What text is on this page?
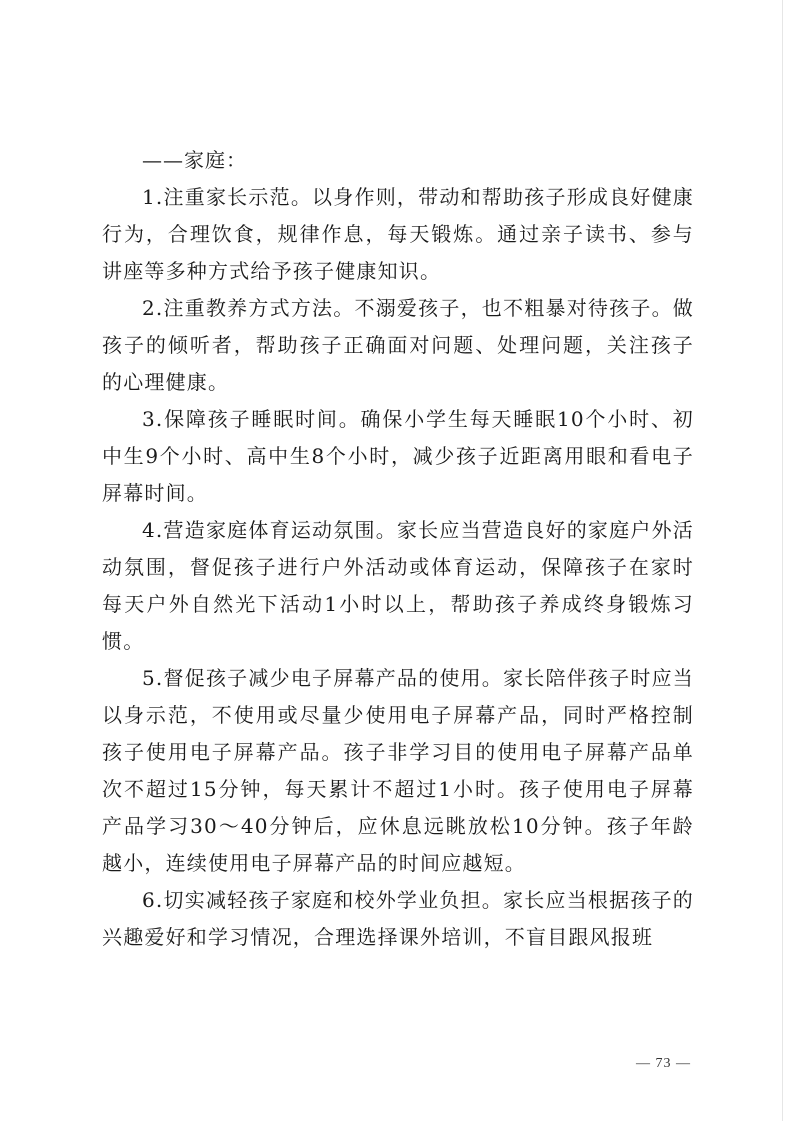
——家庭：

1.注重家长示范。以身作则，带动和帮助孩子形成良好健康行为，合理饮食，规律作息，每天锻炼。通过亲子读书、参与讲座等多种方式给予孩子健康知识。

2.注重教养方式方法。不溺爱孩子，也不粗暴对待孩子。做孩子的倾听者，帮助孩子正确面对问题、处理问题，关注孩子的心理健康。

3.保障孩子睡眠时间。确保小学生每天睡眠10个小时、初中生9个小时、高中生8个小时，减少孩子近距离用眼和看电子屏幕时间。

4.营造家庭体育运动氛围。家长应当营造良好的家庭户外活动氛围，督促孩子进行户外活动或体育运动，保障孩子在家时每天户外自然光下活动1小时以上，帮助孩子养成终身锻炼习惯。

5.督促孩子减少电子屏幕产品的使用。家长陪伴孩子时应当以身示范，不使用或尽量少使用电子屏幕产品，同时严格控制孩子使用电子屏幕产品。孩子非学习目的使用电子屏幕产品单次不超过15分钟，每天累计不超过1小时。孩子使用电子屏幕产品学习30～40分钟后，应休息远眺放松10分钟。孩子年龄越小，连续使用电子屏幕产品的时间应越短。

6.切实减轻孩子家庭和校外学业负担。家长应当根据孩子的兴趣爱好和学习情况，合理选择课外培训，不盲目跟风报班

— 73 —
